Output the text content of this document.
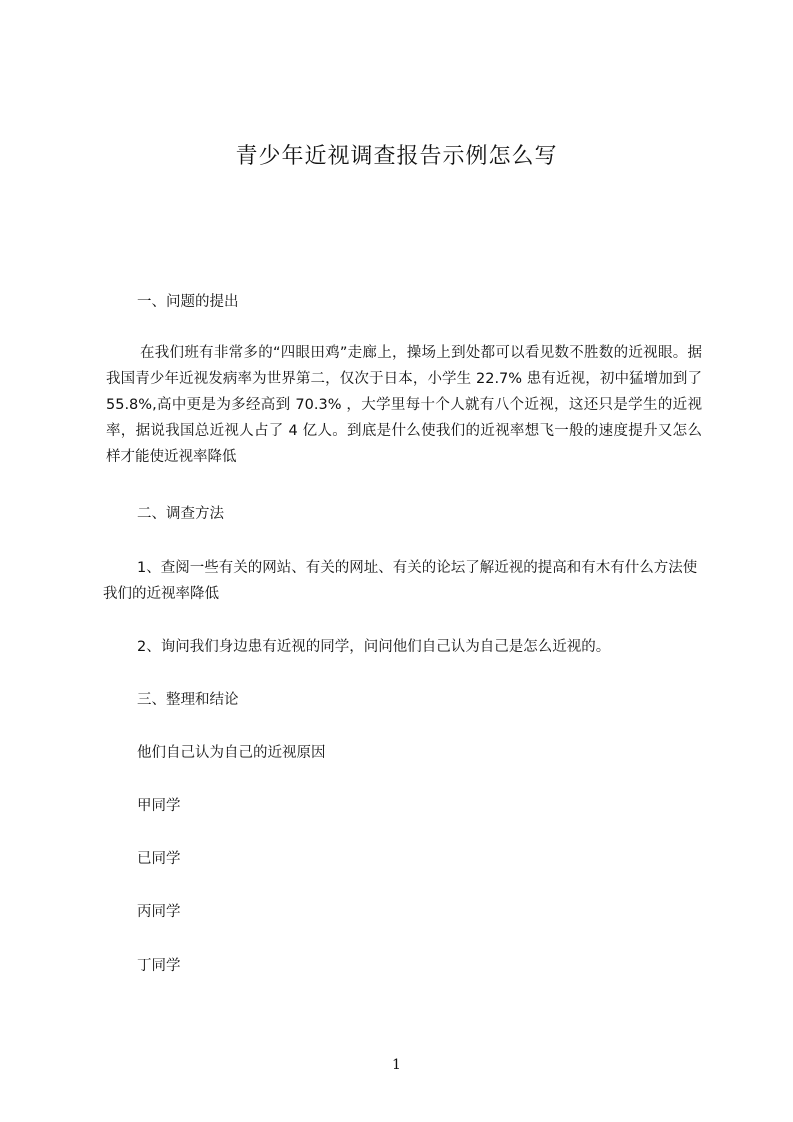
青少年近视调查报告示例怎么写

一、问题的提出

在我们班有非常多的“四眼田鸡”走廊上，操场上到处都可以看见数不胜数的近视眼。据我国青少年近视发病率为世界第二，仅次于日本，小学生 22.7% 患有近视，初中猛增加到了 55.8%,高中更是为多经高到 70.3% ，大学里每十个人就有八个近视，这还只是学生的近视率，据说我国总近视人占了 4 亿人。到底是什么使我们的近视率想飞一般的速度提升又怎么样才能使近视率降低

二、调查方法

1、查阅一些有关的网站、有关的网址、有关的论坛了解近视的提高和有木有什么方法使我们的近视率降低

2、询问我们身边患有近视的同学，问问他们自己认为自己是怎么近视的。

三、整理和结论

他们自己认为自己的近视原因

甲同学

已同学

丙同学

丁同学

1
